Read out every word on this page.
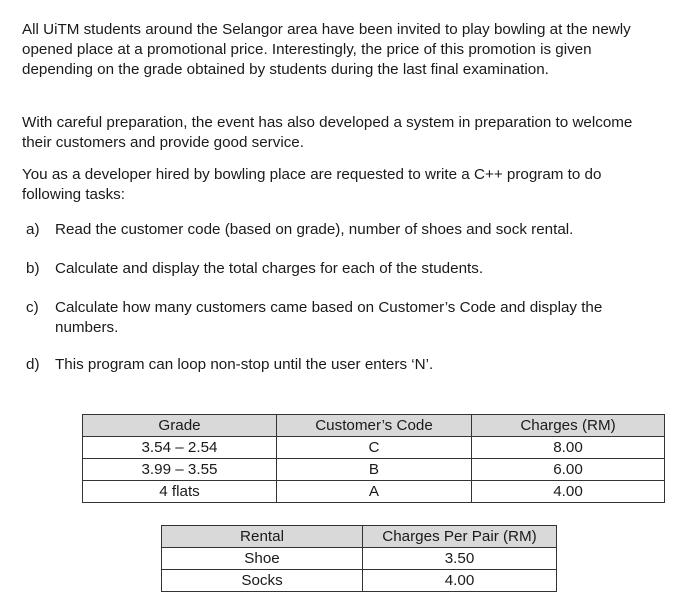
All UiTM students around the Selangor area have been invited to play bowling at the newly
opened place at a promotional price. Interestingly, the price of this promotion is given
depending on the grade obtained by students during the last final examination.
With careful preparation, the event has also developed a system in preparation to welcome
their customers and provide good service.
You as a developer hired by bowling place are requested to write a C++ program to do
following tasks:
a) Read the customer code (based on grade), number of shoes and sock rental.
b) Calculate and display the total charges for each of the students.
c) Calculate how many customers came based on Customer’s Code and display the
numbers.
d) This program can loop non-stop until the user enters ‘N’.
Grade	Customer’s Code	Charges (RM)
3.54 – 2.54	C	8.00
3.99 – 3.55	B	6.00
4 flats	A	4.00
Rental	Charges Per Pair (RM)
Shoe	3.50
Socks	4.00
